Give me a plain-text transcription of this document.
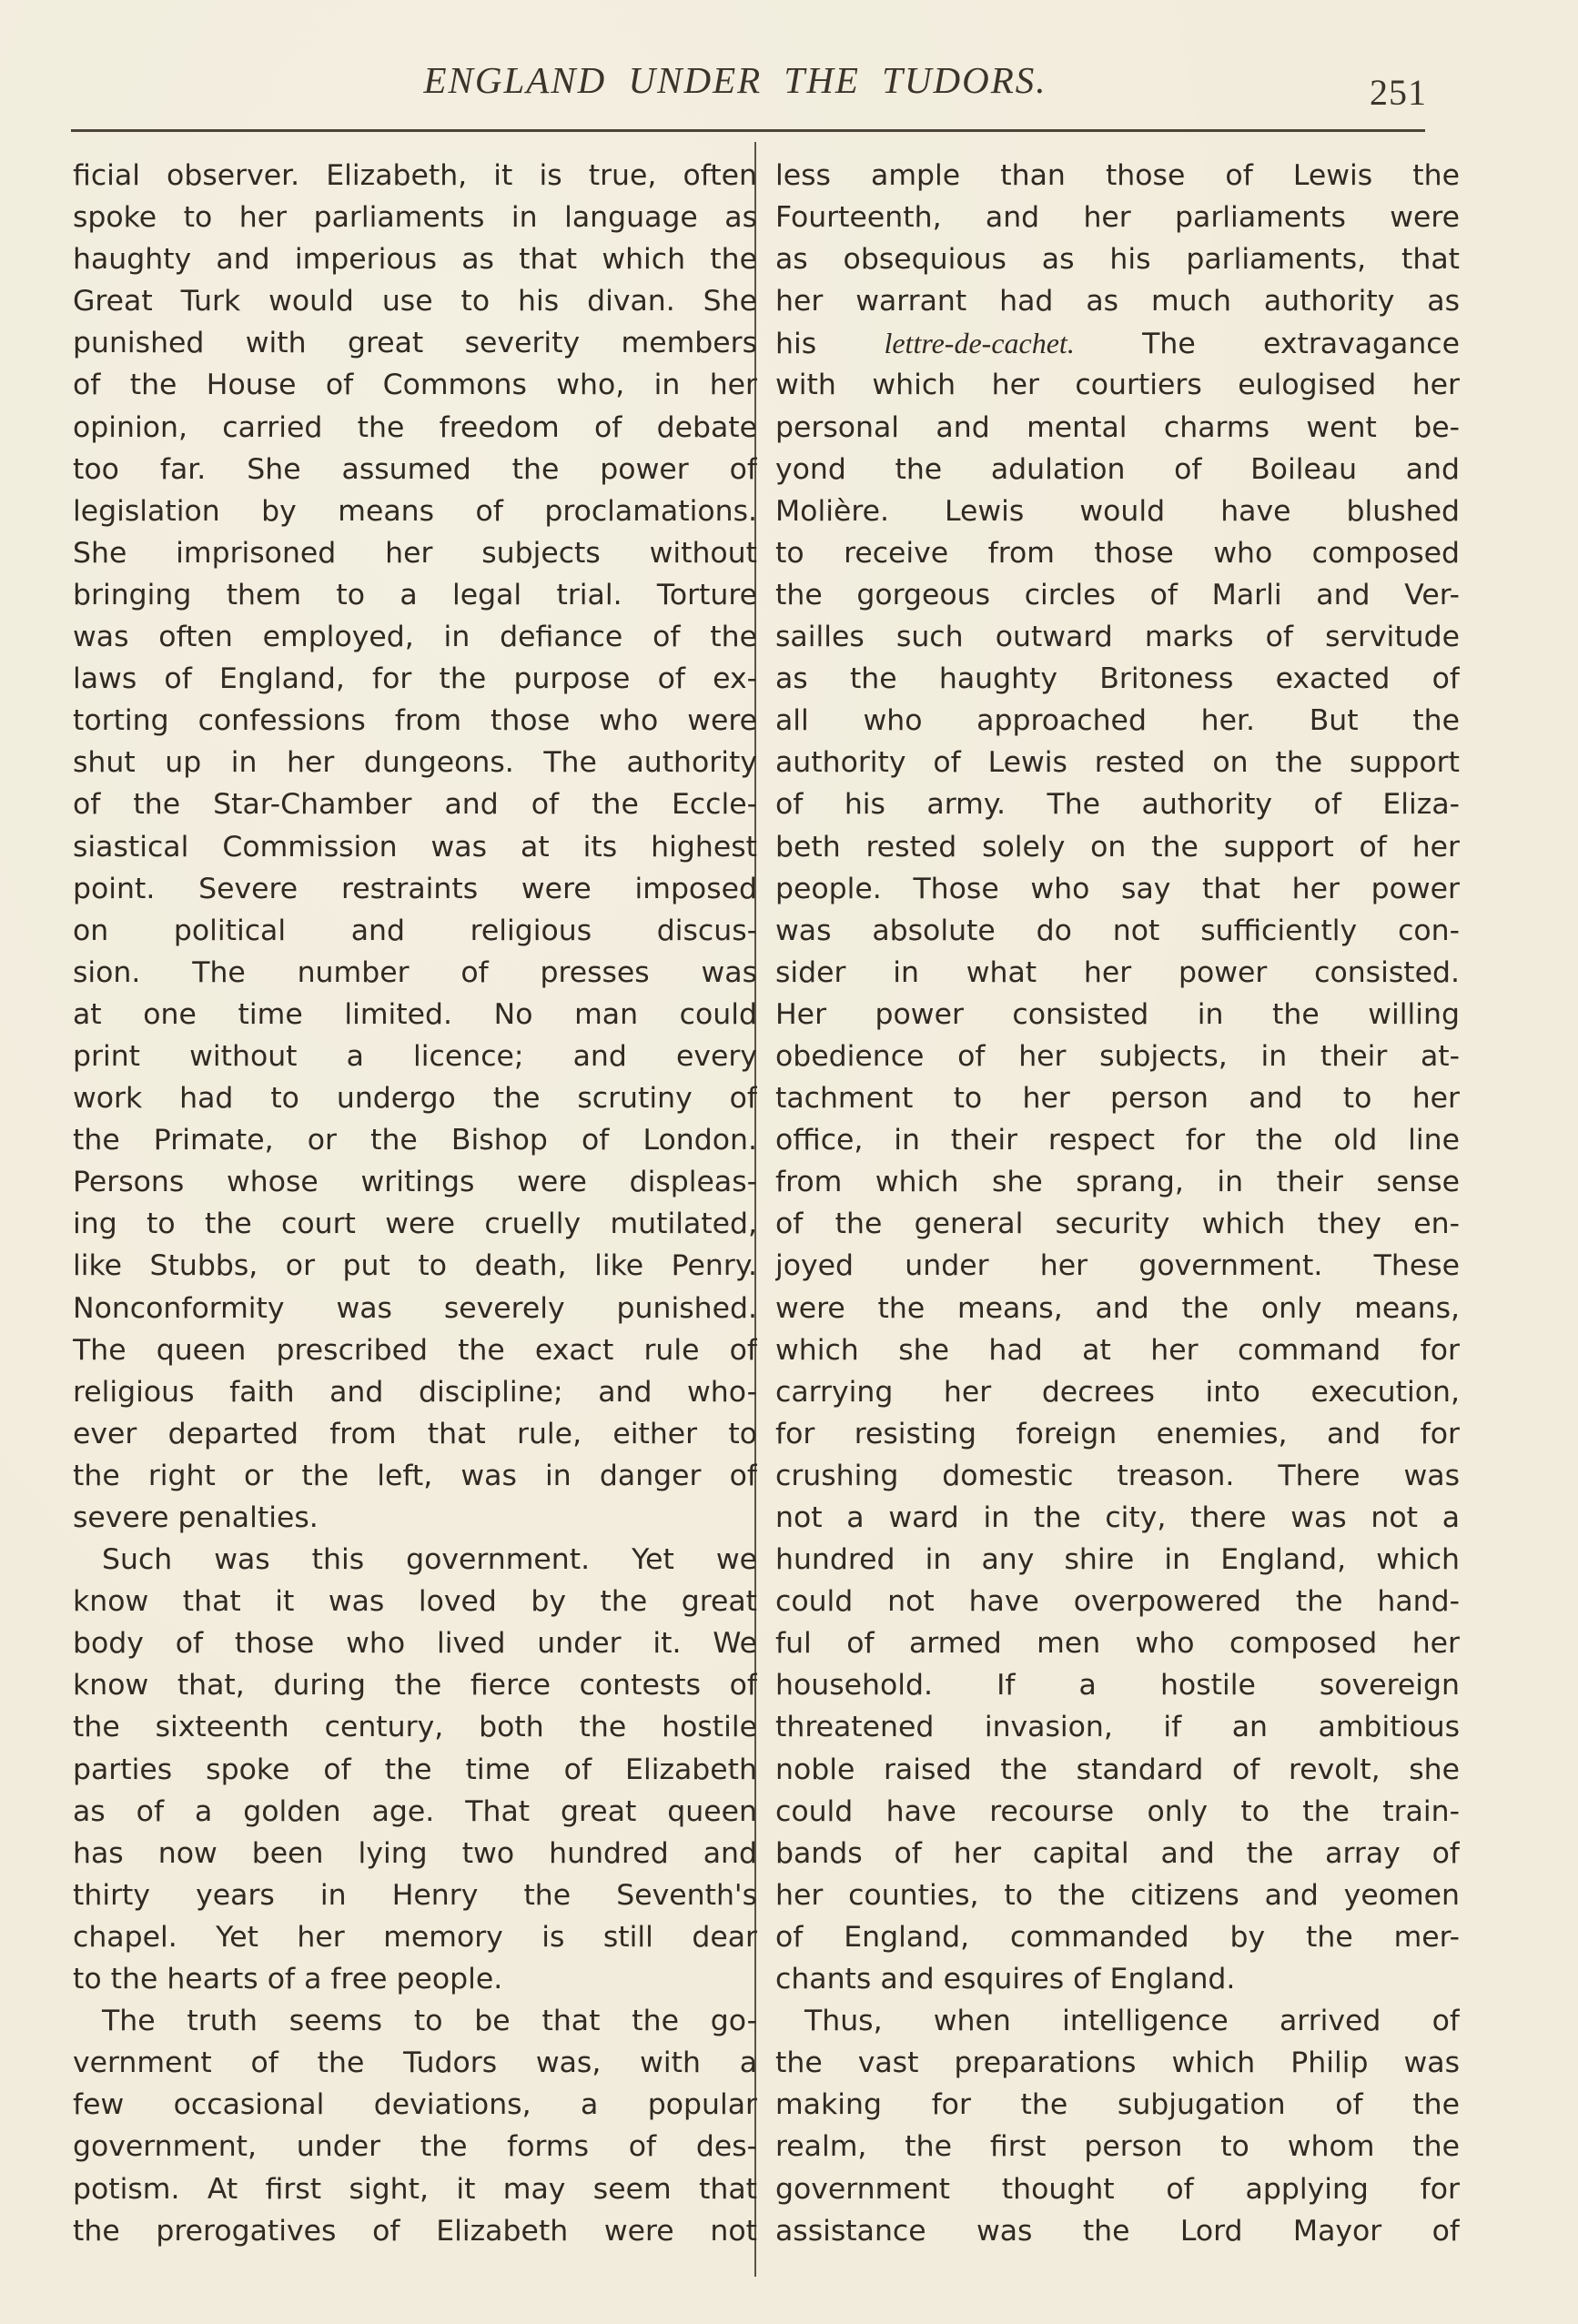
ENGLAND UNDER THE TUDORS.	251
ficial observer. Elizabeth, it is true, often
spoke to her parliaments in language as
haughty and imperious as that which the
Great Turk would use to his divan. She
punished with great severity members
of the House of Commons who, in her
opinion, carried the freedom of debate
too far. She assumed the power of
legislation by means of proclamations.
She imprisoned her subjects without
bringing them to a legal trial. Torture
was often employed, in defiance of the
laws of England, for the purpose of ex-
torting confessions from those who were
shut up in her dungeons. The authority
of the Star-Chamber and of the Eccle-
siastical Commission was at its highest
point. Severe restraints were imposed
on political and religious discus-
sion. The number of presses was
at one time limited. No man could
print without a licence; and every
work had to undergo the scrutiny of
the Primate, or the Bishop of London.
Persons whose writings were displeas-
ing to the court were cruelly mutilated,
like Stubbs, or put to death, like Penry.
Nonconformity was severely punished.
The queen prescribed the exact rule of
religious faith and discipline; and who-
ever departed from that rule, either to
the right or the left, was in danger of
severe penalties.
Such was this government. Yet we
know that it was loved by the great
body of those who lived under it. We
know that, during the fierce contests of
the sixteenth century, both the hostile
parties spoke of the time of Elizabeth
as of a golden age. That great queen
has now been lying two hundred and
thirty years in Henry the Seventh's
chapel. Yet her memory is still dear
to the hearts of a free people.
The truth seems to be that the go-
vernment of the Tudors was, with a
few occasional deviations, a popular
government, under the forms of des-
potism. At first sight, it may seem that
the prerogatives of Elizabeth were not
less ample than those of Lewis the
Fourteenth, and her parliaments were
as obsequious as his parliaments, that
her warrant had as much authority as
his lettre-de-cachet. The extravagance
with which her courtiers eulogised her
personal and mental charms went be-
yond the adulation of Boileau and
Molière. Lewis would have blushed
to receive from those who composed
the gorgeous circles of Marli and Ver-
sailles such outward marks of servitude
as the haughty Britoness exacted of
all who approached her. But the
authority of Lewis rested on the support
of his army. The authority of Eliza-
beth rested solely on the support of her
people. Those who say that her power
was absolute do not sufficiently con-
sider in what her power consisted.
Her power consisted in the willing
obedience of her subjects, in their at-
tachment to her person and to her
office, in their respect for the old line
from which she sprang, in their sense
of the general security which they en-
joyed under her government. These
were the means, and the only means,
which she had at her command for
carrying her decrees into execution,
for resisting foreign enemies, and for
crushing domestic treason. There was
not a ward in the city, there was not a
hundred in any shire in England, which
could not have overpowered the hand-
ful of armed men who composed her
household. If a hostile sovereign
threatened invasion, if an ambitious
noble raised the standard of revolt, she
could have recourse only to the train-
bands of her capital and the array of
her counties, to the citizens and yeomen
of England, commanded by the mer-
chants and esquires of England.
Thus, when intelligence arrived of
the vast preparations which Philip was
making for the subjugation of the
realm, the first person to whom the
government thought of applying for
assistance was the Lord Mayor of
